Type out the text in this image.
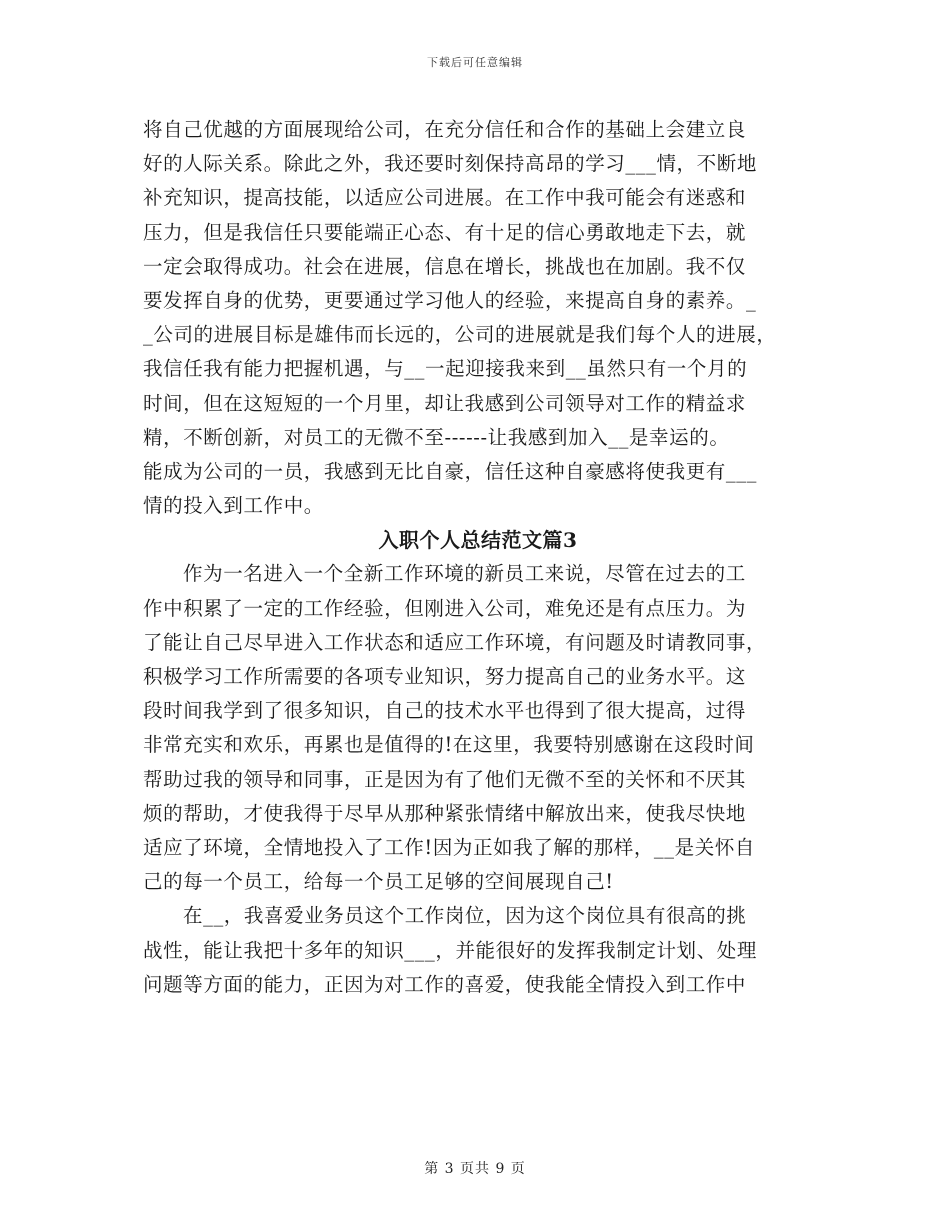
下载后可任意编辑
将自己优越的方面展现给公司，在充分信任和合作的基础上会建立良
好的人际关系。除此之外，我还要时刻保持高昂的学习___情，不断地
补充知识，提高技能，以适应公司进展。在工作中我可能会有迷惑和
压力，但是我信任只要能端正心态、有十足的信心勇敢地走下去，就
一定会取得成功。社会在进展，信息在增长，挑战也在加剧。我不仅
要发挥自身的优势，更要通过学习他人的经验，来提高自身的素养。_
_公司的进展目标是雄伟而长远的，公司的进展就是我们每个人的进展，
我信任我有能力把握机遇，与__一起迎接我来到__虽然只有一个月的
时间，但在这短短的一个月里，却让我感到公司领导对工作的精益求
精，不断创新，对员工的无微不至------让我感到加入__是幸运的。
能成为公司的一员，我感到无比自豪，信任这种自豪感将使我更有___
情的投入到工作中。
入职个人总结范文篇3
作为一名进入一个全新工作环境的新员工来说，尽管在过去的工
作中积累了一定的工作经验，但刚进入公司，难免还是有点压力。为
了能让自己尽早进入工作状态和适应工作环境，有问题及时请教同事，
积极学习工作所需要的各项专业知识，努力提高自己的业务水平。这
段时间我学到了很多知识，自己的技术水平也得到了很大提高，过得
非常充实和欢乐，再累也是值得的!在这里，我要特别感谢在这段时间
帮助过我的领导和同事，正是因为有了他们无微不至的关怀和不厌其
烦的帮助，才使我得于尽早从那种紧张情绪中解放出来，使我尽快地
适应了环境，全情地投入了工作!因为正如我了解的那样，__是关怀自
己的每一个员工，给每一个员工足够的空间展现自己!
在__，我喜爱业务员这个工作岗位，因为这个岗位具有很高的挑
战性，能让我把十多年的知识___，并能很好的发挥我制定计划、处理
问题等方面的能力，正因为对工作的喜爱，使我能全情投入到工作中
第 3 页共 9 页
